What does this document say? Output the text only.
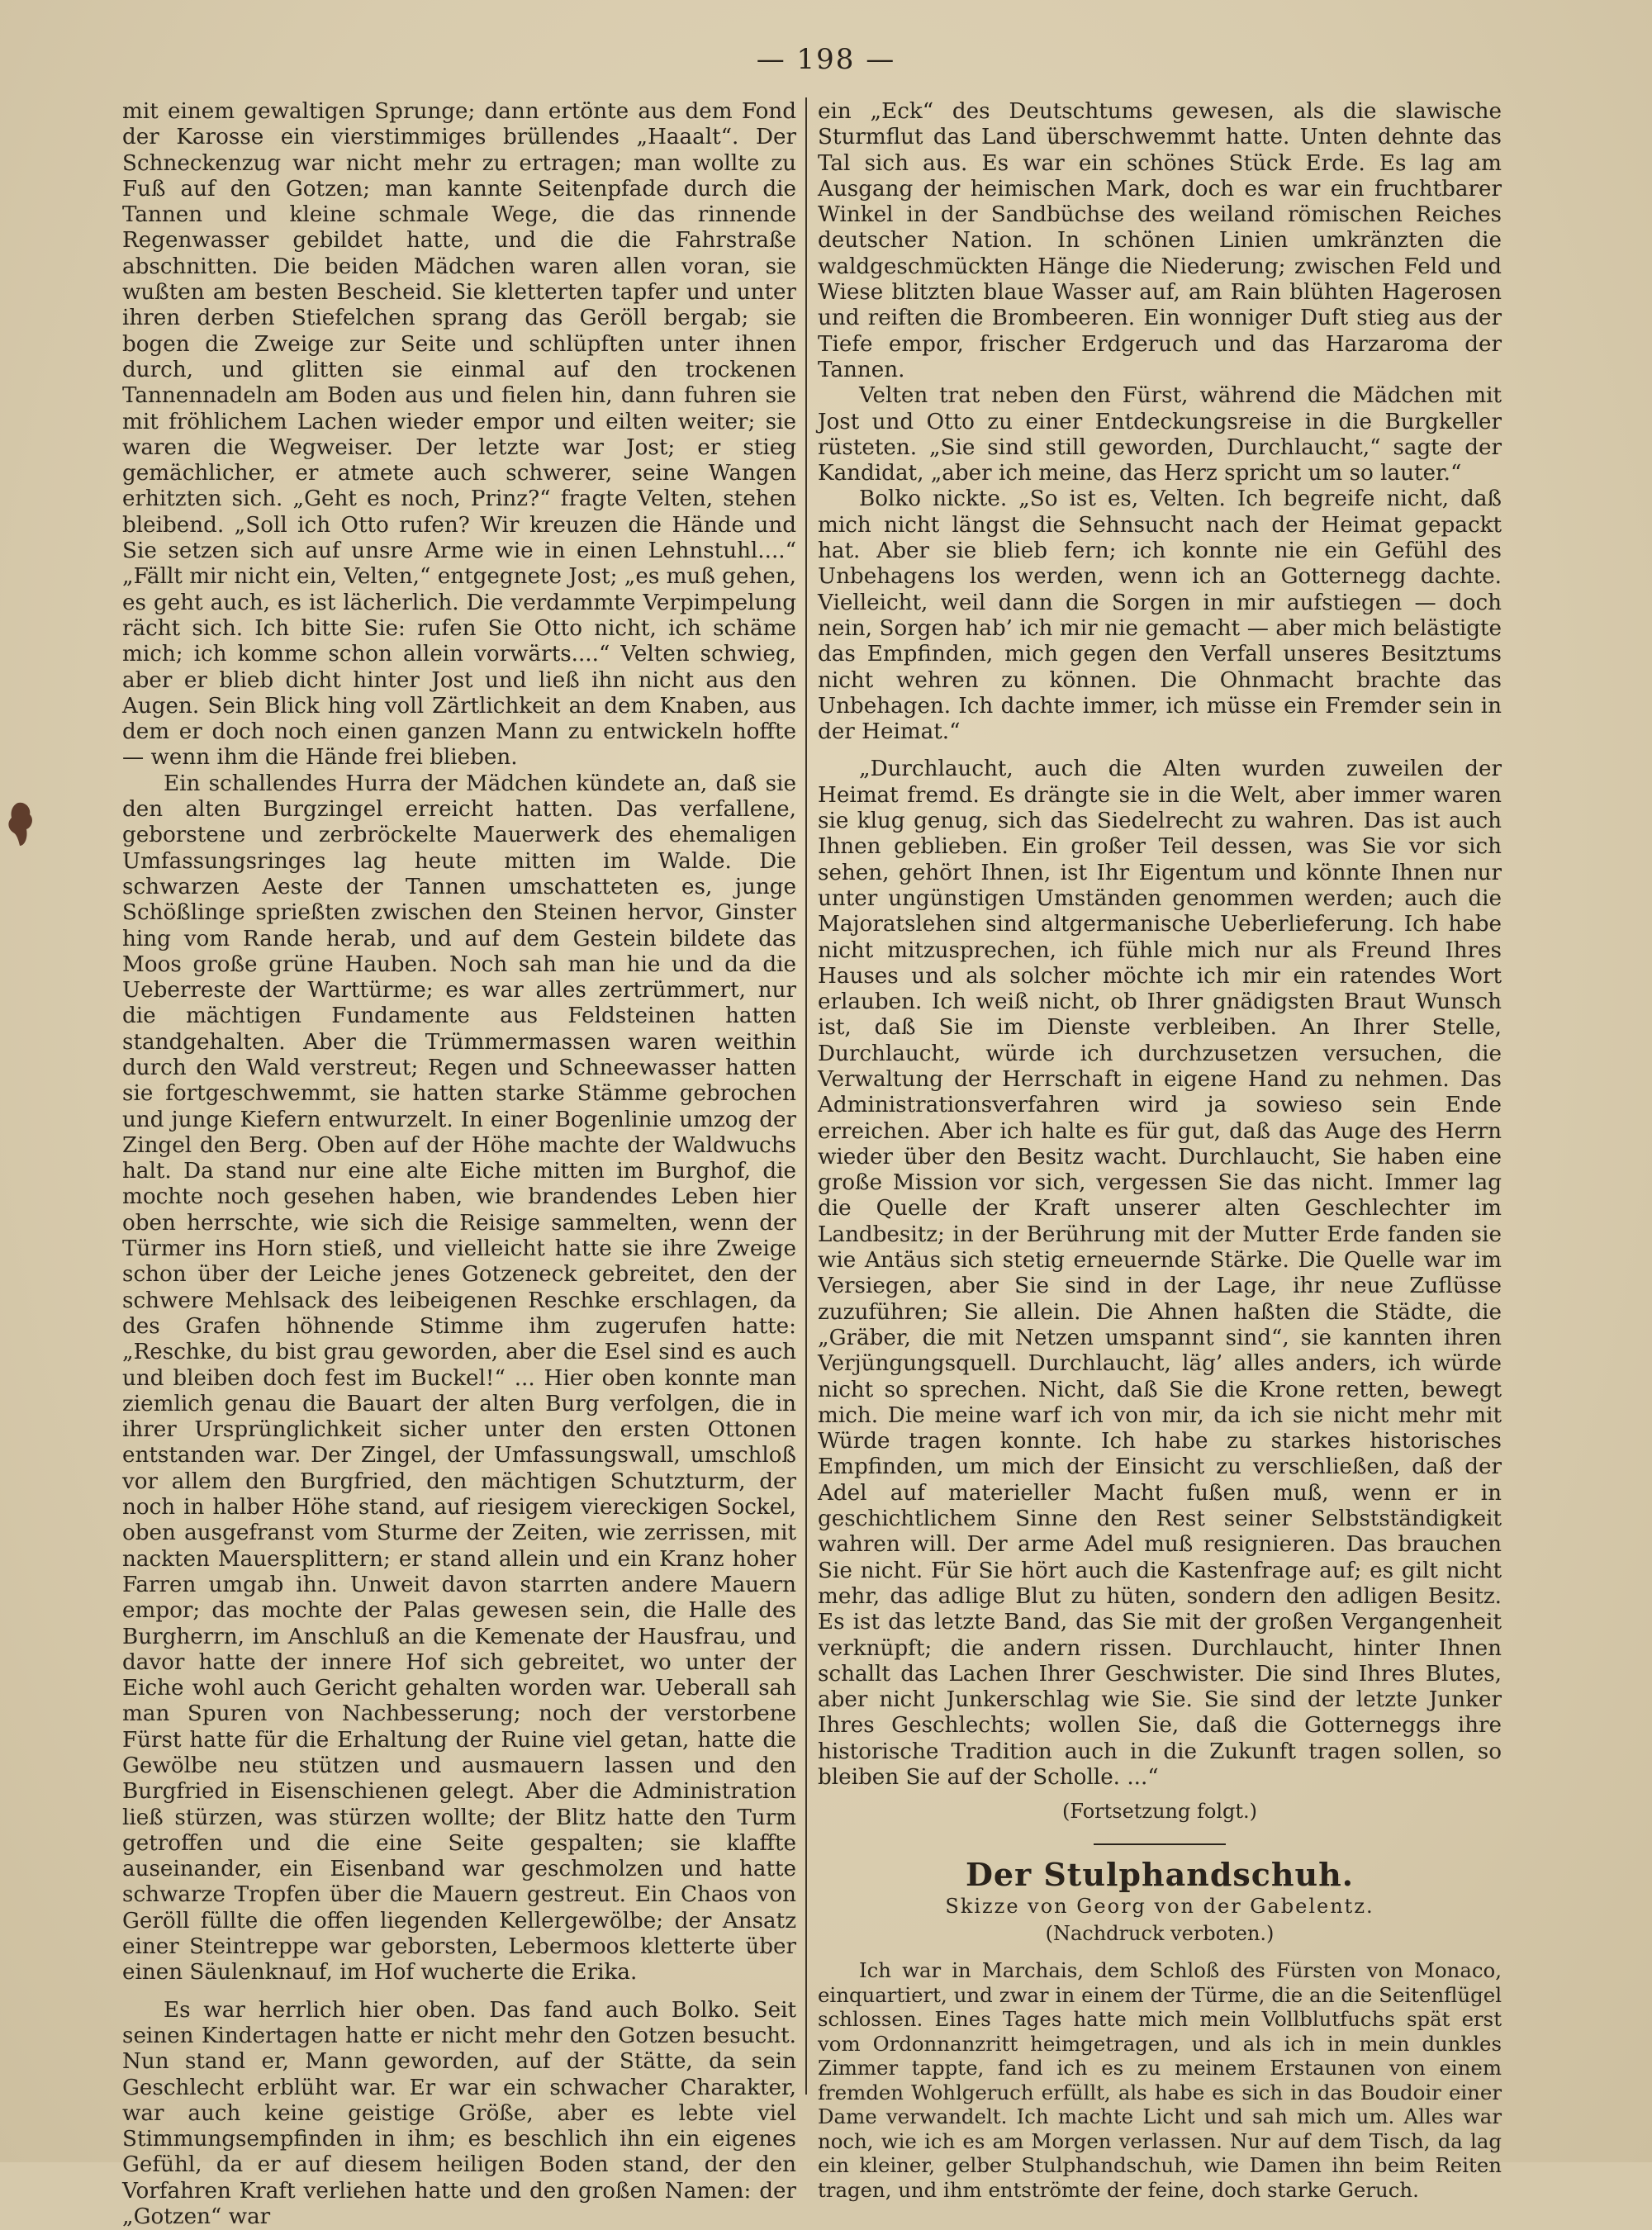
— 198 —

mit einem gewaltigen Sprunge; dann ertönte aus dem Fond der Karosse ein vierstimmiges brüllendes „Haaalt“. Der Schneckenzug war nicht mehr zu ertragen; man wollte zu Fuß auf den Gotzen; man kannte Seitenpfade durch die Tannen und kleine schmale Wege, die das rinnende Regenwasser gebildet hatte, und die die Fahrstraße abschnitten. Die beiden Mädchen waren allen voran, sie wußten am besten Bescheid. Sie kletterten tapfer und unter ihren derben Stiefelchen sprang das Geröll bergab; sie bogen die Zweige zur Seite und schlüpften unter ihnen durch, und glitten sie einmal auf den trockenen Tannennadeln am Boden aus und fielen hin, dann fuhren sie mit fröhlichem Lachen wieder empor und eilten weiter; sie waren die Wegweiser. Der letzte war Jost; er stieg gemächlicher, er atmete auch schwerer, seine Wangen erhitzten sich. „Geht es noch, Prinz?“ fragte Velten, stehen bleibend. „Soll ich Otto rufen? Wir kreuzen die Hände und Sie setzen sich auf unsre Arme wie in einen Lehnstuhl....“ „Fällt mir nicht ein, Velten,“ entgegnete Jost; „es muß gehen, es geht auch, es ist lächerlich. Die verdammte Verpimpelung rächt sich. Ich bitte Sie: rufen Sie Otto nicht, ich schäme mich; ich komme schon allein vorwärts....“ Velten schwieg, aber er blieb dicht hinter Jost und ließ ihn nicht aus den Augen. Sein Blick hing voll Zärtlichkeit an dem Knaben, aus dem er doch noch einen ganzen Mann zu entwickeln hoffte — wenn ihm die Hände frei blieben.

Ein schallendes Hurra der Mädchen kündete an, daß sie den alten Burgzingel erreicht hatten. Das verfallene, geborstene und zerbröckelte Mauerwerk des ehemaligen Umfassungsringes lag heute mitten im Walde. Die schwarzen Aeste der Tannen umschatteten es, junge Schößlinge sprießten zwischen den Steinen hervor, Ginster hing vom Rande herab, und auf dem Gestein bildete das Moos große grüne Hauben. Noch sah man hie und da die Ueberreste der Warttürme; es war alles zertrümmert, nur die mächtigen Fundamente aus Feldsteinen hatten standgehalten. Aber die Trümmermassen waren weithin durch den Wald verstreut; Regen und Schneewasser hatten sie fortgeschwemmt, sie hatten starke Stämme gebrochen und junge Kiefern entwurzelt. In einer Bogenlinie umzog der Zingel den Berg. Oben auf der Höhe machte der Waldwuchs halt. Da stand nur eine alte Eiche mitten im Burghof, die mochte noch gesehen haben, wie brandendes Leben hier oben herrschte, wie sich die Reisige sammelten, wenn der Türmer ins Horn stieß, und vielleicht hatte sie ihre Zweige schon über der Leiche jenes Gotzeneck gebreitet, den der schwere Mehlsack des leibeigenen Reschke erschlagen, da des Grafen höhnende Stimme ihm zugerufen hatte: „Reschke, du bist grau geworden, aber die Esel sind es auch und bleiben doch fest im Buckel!“ ... Hier oben konnte man ziemlich genau die Bauart der alten Burg verfolgen, die in ihrer Ursprünglichkeit sicher unter den ersten Ottonen entstanden war. Der Zingel, der Umfassungswall, umschloß vor allem den Burgfried, den mächtigen Schutzturm, der noch in halber Höhe stand, auf riesigem viereckigen Sockel, oben ausgefranst vom Sturme der Zeiten, wie zerrissen, mit nackten Mauersplittern; er stand allein und ein Kranz hoher Farren umgab ihn. Unweit davon starrten andere Mauern empor; das mochte der Palas gewesen sein, die Halle des Burgherrn, im Anschluß an die Kemenate der Hausfrau, und davor hatte der innere Hof sich gebreitet, wo unter der Eiche wohl auch Gericht gehalten worden war. Ueberall sah man Spuren von Nachbesserung; noch der verstorbene Fürst hatte für die Erhaltung der Ruine viel getan, hatte die Gewölbe neu stützen und ausmauern lassen und den Burgfried in Eisenschienen gelegt. Aber die Administration ließ stürzen, was stürzen wollte; der Blitz hatte den Turm getroffen und die eine Seite gespalten; sie klaffte auseinander, ein Eisenband war geschmolzen und hatte schwarze Tropfen über die Mauern gestreut. Ein Chaos von Geröll füllte die offen liegenden Kellergewölbe; der Ansatz einer Steintreppe war geborsten, Lebermoos kletterte über einen Säulenknauf, im Hof wucherte die Erika.

Es war herrlich hier oben. Das fand auch Bolko. Seit seinen Kindertagen hatte er nicht mehr den Gotzen besucht. Nun stand er, Mann geworden, auf der Stätte, da sein Geschlecht erblüht war. Er war ein schwacher Charakter, war auch keine geistige Größe, aber es lebte viel Stimmungsempfinden in ihm; es beschlich ihn ein eigenes Gefühl, da er auf diesem heiligen Boden stand, der den Vorfahren Kraft verliehen hatte und den großen Namen: der „Gotzen“ war

ein „Eck“ des Deutschtums gewesen, als die slawische Sturmflut das Land überschwemmt hatte. Unten dehnte das Tal sich aus. Es war ein schönes Stück Erde. Es lag am Ausgang der heimischen Mark, doch es war ein fruchtbarer Winkel in der Sandbüchse des weiland römischen Reiches deutscher Nation. In schönen Linien umkränzten die waldgeschmückten Hänge die Niederung; zwischen Feld und Wiese blitzten blaue Wasser auf, am Rain blühten Hagerosen und reiften die Brombeeren. Ein wonniger Duft stieg aus der Tiefe empor, frischer Erdgeruch und das Harzaroma der Tannen.

Velten trat neben den Fürst, während die Mädchen mit Jost und Otto zu einer Entdeckungsreise in die Burgkeller rüsteten. „Sie sind still geworden, Durchlaucht,“ sagte der Kandidat, „aber ich meine, das Herz spricht um so lauter.“

Bolko nickte. „So ist es, Velten. Ich begreife nicht, daß mich nicht längst die Sehnsucht nach der Heimat gepackt hat. Aber sie blieb fern; ich konnte nie ein Gefühl des Unbehagens los werden, wenn ich an Gotternegg dachte. Vielleicht, weil dann die Sorgen in mir aufstiegen — doch nein, Sorgen hab’ ich mir nie gemacht — aber mich belästigte das Empfinden, mich gegen den Verfall unseres Besitztums nicht wehren zu können. Die Ohnmacht brachte das Unbehagen. Ich dachte immer, ich müsse ein Fremder sein in der Heimat.“

„Durchlaucht, auch die Alten wurden zuweilen der Heimat fremd. Es drängte sie in die Welt, aber immer waren sie klug genug, sich das Siedelrecht zu wahren. Das ist auch Ihnen geblieben. Ein großer Teil dessen, was Sie vor sich sehen, gehört Ihnen, ist Ihr Eigentum und könnte Ihnen nur unter ungünstigen Umständen genommen werden; auch die Majoratslehen sind altgermanische Ueberlieferung. Ich habe nicht mitzusprechen, ich fühle mich nur als Freund Ihres Hauses und als solcher möchte ich mir ein ratendes Wort erlauben. Ich weiß nicht, ob Ihrer gnädigsten Braut Wunsch ist, daß Sie im Dienste verbleiben. An Ihrer Stelle, Durchlaucht, würde ich durchzusetzen versuchen, die Verwaltung der Herrschaft in eigene Hand zu nehmen. Das Administrationsverfahren wird ja sowieso sein Ende erreichen. Aber ich halte es für gut, daß das Auge des Herrn wieder über den Besitz wacht. Durchlaucht, Sie haben eine große Mission vor sich, vergessen Sie das nicht. Immer lag die Quelle der Kraft unserer alten Geschlechter im Landbesitz; in der Berührung mit der Mutter Erde fanden sie wie Antäus sich stetig erneuernde Stärke. Die Quelle war im Versiegen, aber Sie sind in der Lage, ihr neue Zuflüsse zuzuführen; Sie allein. Die Ahnen haßten die Städte, die „Gräber, die mit Netzen umspannt sind“, sie kannten ihren Verjüngungsquell. Durchlaucht, läg’ alles anders, ich würde nicht so sprechen. Nicht, daß Sie die Krone retten, bewegt mich. Die meine warf ich von mir, da ich sie nicht mehr mit Würde tragen konnte. Ich habe zu starkes historisches Empfinden, um mich der Einsicht zu verschließen, daß der Adel auf materieller Macht fußen muß, wenn er in geschichtlichem Sinne den Rest seiner Selbstständigkeit wahren will. Der arme Adel muß resignieren. Das brauchen Sie nicht. Für Sie hört auch die Kastenfrage auf; es gilt nicht mehr, das adlige Blut zu hüten, sondern den adligen Besitz. Es ist das letzte Band, das Sie mit der großen Vergangenheit verknüpft; die andern rissen. Durchlaucht, hinter Ihnen schallt das Lachen Ihrer Geschwister. Die sind Ihres Blutes, aber nicht Junkerschlag wie Sie. Sie sind der letzte Junker Ihres Geschlechts; wollen Sie, daß die Gotterneggs ihre historische Tradition auch in die Zukunft tragen sollen, so bleiben Sie auf der Scholle. ...“

(Fortsetzung folgt.)
Der Stulphandschuh.
Skizze von Georg von der Gabelentz.
(Nachdruck verboten.)

Ich war in Marchais, dem Schloß des Fürsten von Monaco, einquartiert, und zwar in einem der Türme, die an die Seitenflügel schlossen. Eines Tages hatte mich mein Vollblutfuchs spät erst vom Ordonnanzritt heimgetragen, und als ich in mein dunkles Zimmer tappte, fand ich es zu meinem Erstaunen von einem fremden Wohlgeruch erfüllt, als habe es sich in das Boudoir einer Dame verwandelt. Ich machte Licht und sah mich um. Alles war noch, wie ich es am Morgen verlassen. Nur auf dem Tisch, da lag ein kleiner, gelber Stulphandschuh, wie Damen ihn beim Reiten tragen, und ihm entströmte der feine, doch starke Geruch.
